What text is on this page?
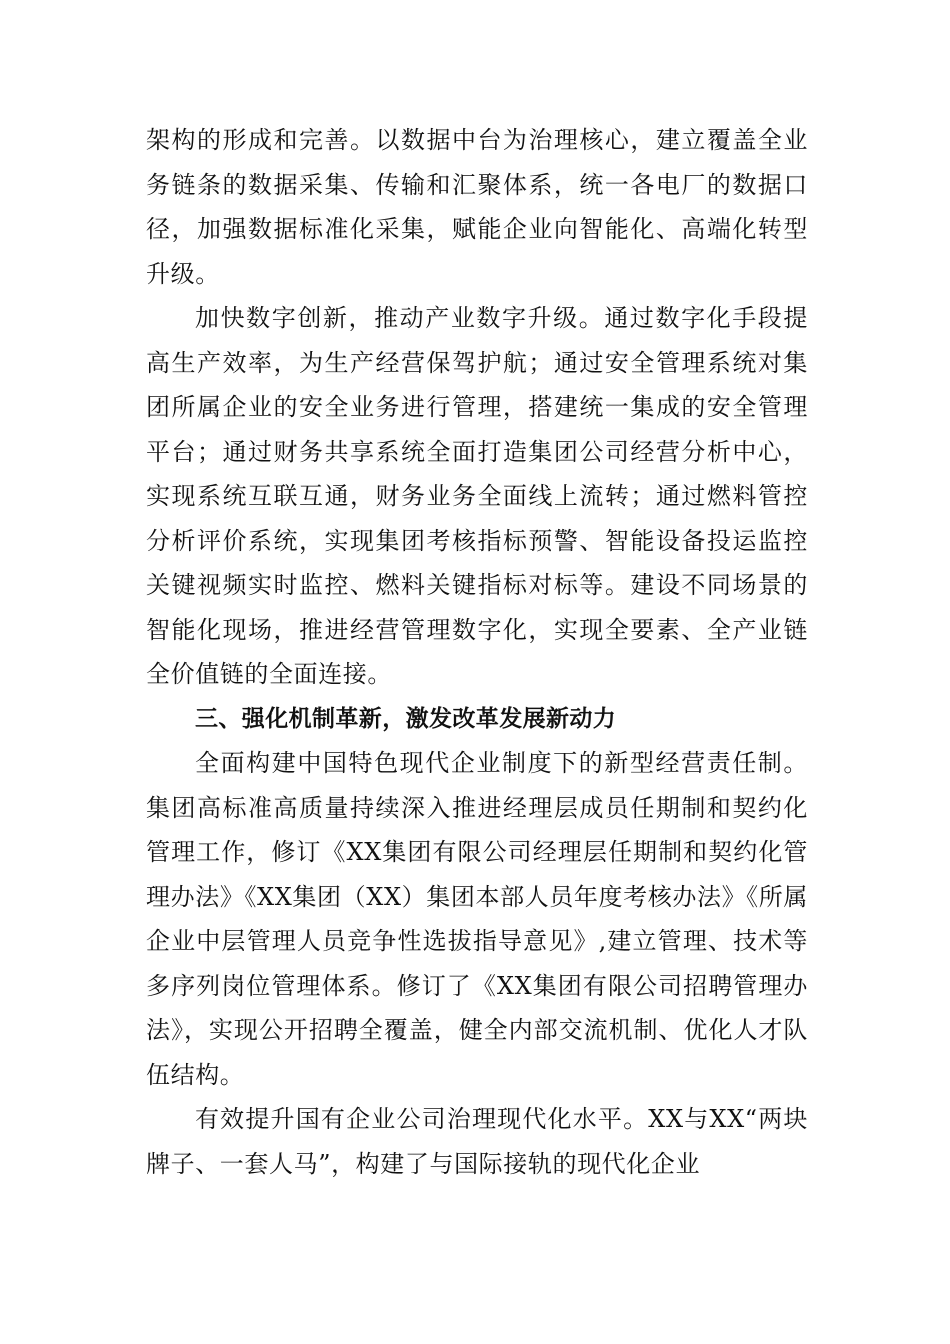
架构的形成和完善。以数据中台为治理核心，建立覆盖全业务链条的数据采集、传输和汇聚体系，统一各电厂的数据口径，加强数据标准化采集，赋能企业向智能化、高端化转型升级。

加快数字创新，推动产业数字升级。通过数字化手段提高生产效率，为生产经营保驾护航；通过安全管理系统对集团所属企业的安全业务进行管理，搭建统一集成的安全管理平台；通过财务共享系统全面打造集团公司经营分析中心，实现系统互联互通，财务业务全面线上流转；通过燃料管控分析评价系统，实现集团考核指标预警、智能设备投运监控关键视频实时监控、燃料关键指标对标等。建设不同场景的智能化现场，推进经营管理数字化，实现全要素、全产业链全价值链的全面连接。

三、强化机制革新，激发改革发展新动力

全面构建中国特色现代企业制度下的新型经营责任制。集团高标准高质量持续深入推进经理层成员任期制和契约化管理工作，修订《XX集团有限公司经理层任期制和契约化管理办法》《XX集团（XX）集团本部人员年度考核办法》《所属企业中层管理人员竞争性选拔指导意见》,建立管理、技术等多序列岗位管理体系。修订了《XX集团有限公司招聘管理办法》，实现公开招聘全覆盖，健全内部交流机制、优化人才队伍结构。

有效提升国有企业公司治理现代化水平。XX与XX“两块牌子、一套人马”，构建了与国际接轨的现代化企业
